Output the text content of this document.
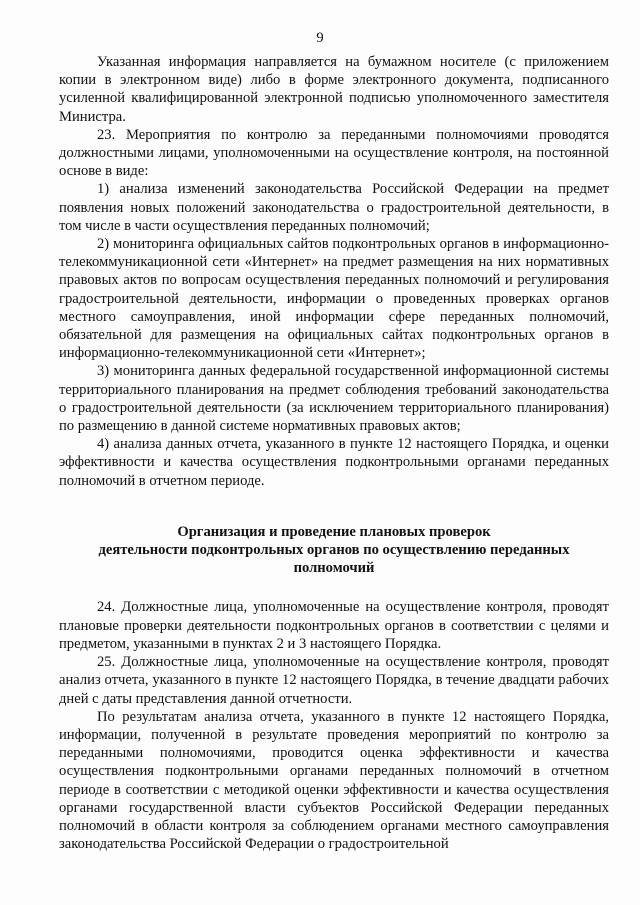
9

Указанная информация направляется на бумажном носителе (с приложением копии в электронном виде) либо в форме электронного документа, подписанного усиленной квалифицированной электронной подписью уполномоченного заместителя Министра.

23. Мероприятия по контролю за переданными полномочиями проводятся должностными лицами, уполномоченными на осуществление контроля, на постоянной основе в виде:

1) анализа изменений законодательства Российской Федерации на предмет появления новых положений законодательства о градостроительной деятельности, в том числе в части осуществления переданных полномочий;

2) мониторинга официальных сайтов подконтрольных органов в информационно-телекоммуникационной сети «Интернет» на предмет размещения на них нормативных правовых актов по вопросам осуществления переданных полномочий и регулирования градостроительной деятельности, информации о проведенных проверках органов местного самоуправления, иной информации сфере переданных полномочий, обязательной для размещения на официальных сайтах подконтрольных органов в информационно-телекоммуникационной сети «Интернет»;

3) мониторинга данных федеральной государственной информационной системы территориального планирования на предмет соблюдения требований законодательства о градостроительной деятельности (за исключением территориального планирования) по размещению в данной системе нормативных правовых актов;

4) анализа данных отчета, указанного в пункте 12 настоящего Порядка, и оценки эффективности и качества осуществления подконтрольными органами переданных полномочий в отчетном периоде.

Организация и проведение плановых проверок
деятельности подконтрольных органов по осуществлению переданных
полномочий

24. Должностные лица, уполномоченные на осуществление контроля, проводят плановые проверки деятельности подконтрольных органов в соответствии с целями и предметом, указанными в пунктах 2 и 3 настоящего Порядка.

25. Должностные лица, уполномоченные на осуществление контроля, проводят анализ отчета, указанного в пункте 12 настоящего Порядка, в течение двадцати рабочих дней с даты представления данной отчетности.

По результатам анализа отчета, указанного в пункте 12 настоящего Порядка, информации, полученной в результате проведения мероприятий по контролю за переданными полномочиями, проводится оценка эффективности и качества осуществления подконтрольными органами переданных полномочий в отчетном периоде в соответствии с методикой оценки эффективности и качества осуществления органами государственной власти субъектов Российской Федерации переданных полномочий в области контроля за соблюдением органами местного самоуправления законодательства Российской Федерации о градостроительной
